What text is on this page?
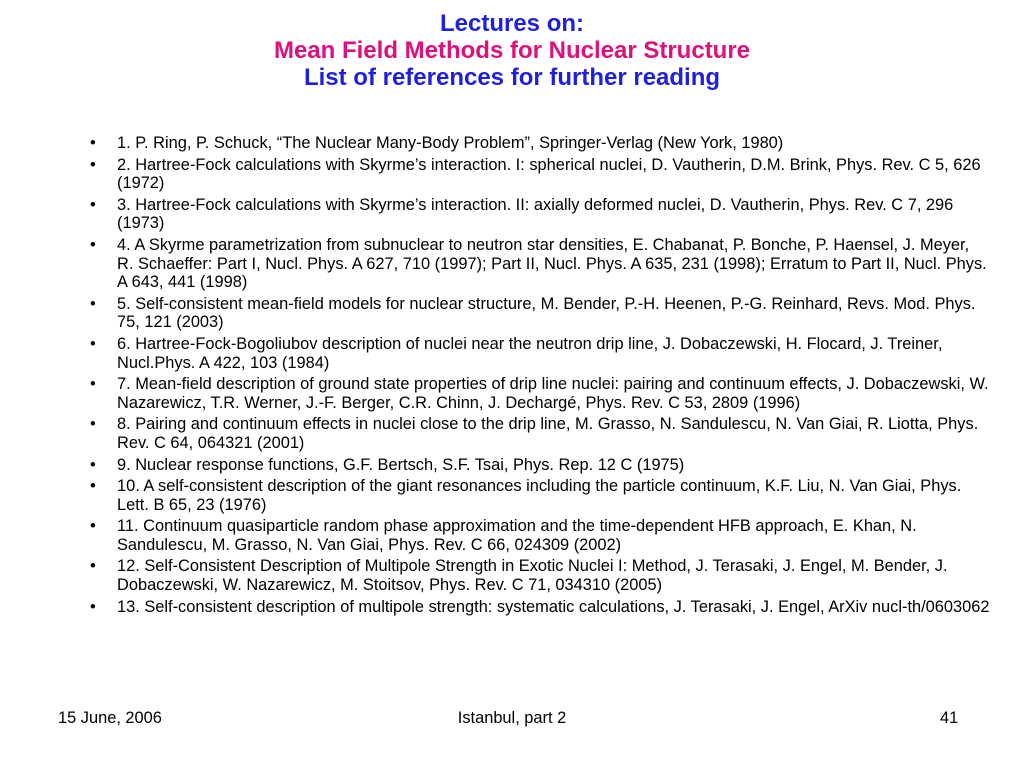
Lectures on:
Mean Field Methods for Nuclear Structure
List of references for further reading
• 1. P. Ring, P. Schuck, “The Nuclear Many-Body Problem”, Springer-Verlag (New York, 1980)
• 2. Hartree-Fock calculations with Skyrme’s interaction. I: spherical nuclei, D. Vautherin, D.M. Brink, Phys. Rev. C 5, 626 (1972)
• 3. Hartree-Fock calculations with Skyrme’s interaction. II: axially deformed nuclei, D. Vautherin, Phys. Rev. C 7, 296 (1973)
• 4. A Skyrme parametrization from subnuclear to neutron star densities, E. Chabanat, P. Bonche, P. Haensel, J. Meyer, R. Schaeffer: Part I, Nucl. Phys. A 627, 710 (1997); Part II, Nucl. Phys. A 635, 231 (1998); Erratum to Part II, Nucl. Phys. A 643, 441 (1998)
• 5. Self-consistent mean-field models for nuclear structure, M. Bender, P.-H. Heenen, P.-G. Reinhard, Revs. Mod. Phys. 75, 121 (2003)
• 6. Hartree-Fock-Bogoliubov description of nuclei near the neutron drip line, J. Dobaczewski, H. Flocard, J. Treiner, Nucl.Phys. A 422, 103 (1984)
• 7. Mean-field description of ground state properties of drip line nuclei: pairing and continuum effects, J. Dobaczewski, W. Nazarewicz, T.R. Werner, J.-F. Berger, C.R. Chinn, J. Dechargé, Phys. Rev. C 53, 2809 (1996)
• 8. Pairing and continuum effects in nuclei close to the drip line, M. Grasso, N. Sandulescu, N. Van Giai, R. Liotta, Phys. Rev. C 64, 064321 (2001)
• 9. Nuclear response functions, G.F. Bertsch, S.F. Tsai, Phys. Rep. 12 C (1975)
• 10. A self-consistent description of the giant resonances including the particle continuum, K.F. Liu, N. Van Giai, Phys. Lett. B 65, 23 (1976)
• 11. Continuum quasiparticle random phase approximation and the time-dependent HFB approach, E. Khan, N. Sandulescu, M. Grasso, N. Van Giai, Phys. Rev. C 66, 024309 (2002)
• 12. Self-Consistent Description of Multipole Strength in Exotic Nuclei I: Method, J. Terasaki, J. Engel, M. Bender, J. Dobaczewski, W. Nazarewicz, M. Stoitsov, Phys. Rev. C 71, 034310 (2005)
• 13. Self-consistent description of multipole strength: systematic calculations, J. Terasaki, J. Engel, ArXiv nucl-th/0603062
15 June, 2006	Istanbul, part 2	41
